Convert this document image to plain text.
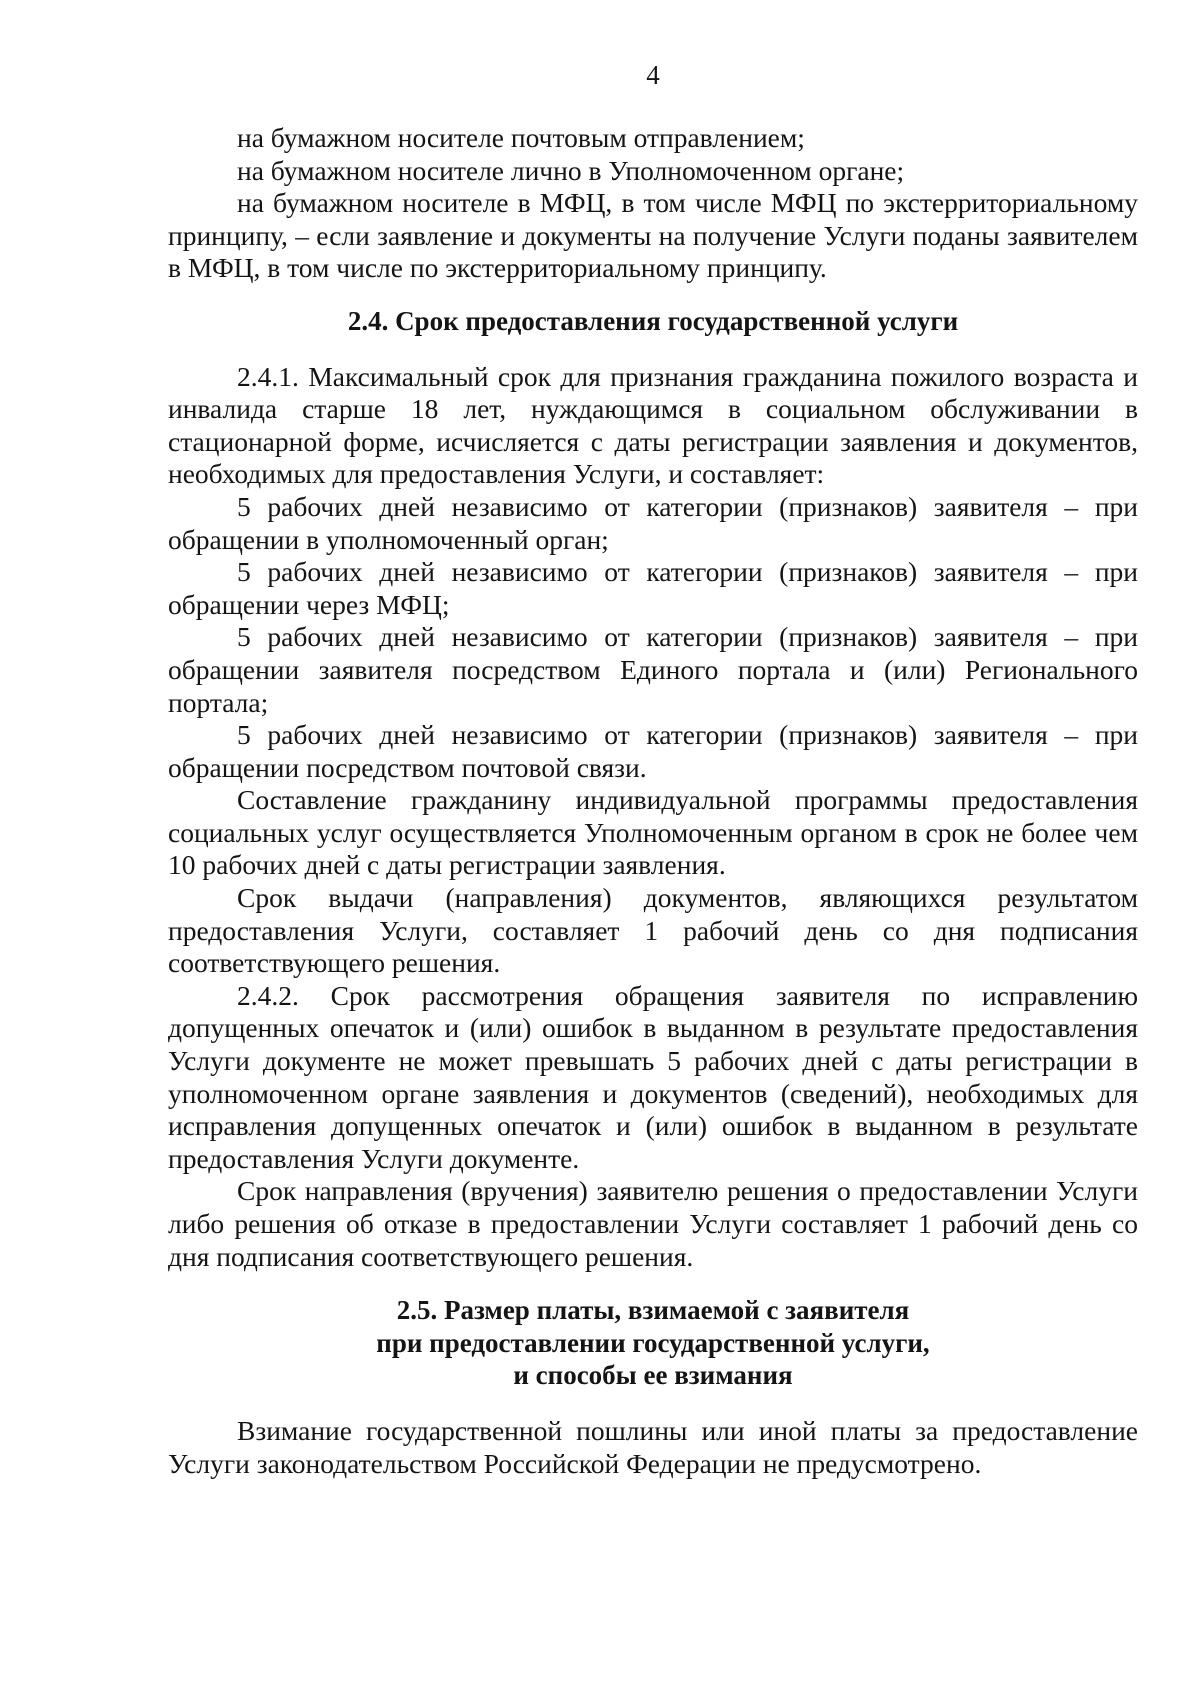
4

на бумажном носителе почтовым отправлением;

на бумажном носителе лично в Уполномоченном органе;

на бумажном носителе в МФЦ, в том числе МФЦ по экстерриториальному принципу, – если заявление и документы на получение Услуги поданы заявителем в МФЦ, в том числе по экстерриториальному принципу.

2.4. Срок предоставления государственной услуги

2.4.1. Максимальный срок для признания гражданина пожилого возраста и инвалида старше 18 лет, нуждающимся в социальном обслуживании в стационарной форме, исчисляется с даты регистрации заявления и документов, необходимых для предоставления Услуги, и составляет:

5 рабочих дней независимо от категории (признаков) заявителя – при обращении в уполномоченный орган;

5 рабочих дней независимо от категории (признаков) заявителя – при обращении через МФЦ;

5 рабочих дней независимо от категории (признаков) заявителя – при обращении заявителя посредством Единого портала и (или) Регионального портала;

5 рабочих дней независимо от категории (признаков) заявителя – при обращении посредством почтовой связи.

Составление гражданину индивидуальной программы предоставления социальных услуг осуществляется Уполномоченным органом в срок не более чем 10 рабочих дней с даты регистрации заявления.

Срок выдачи (направления) документов, являющихся результатом предоставления Услуги, составляет 1 рабочий день со дня подписания соответствующего решения.

2.4.2. Срок рассмотрения обращения заявителя по исправлению допущенных опечаток и (или) ошибок в выданном в результате предоставления Услуги документе не может превышать 5 рабочих дней с даты регистрации в уполномоченном органе заявления и документов (сведений), необходимых для исправления допущенных опечаток и (или) ошибок в выданном в результате предоставления Услуги документе.

Срок направления (вручения) заявителю решения о предоставлении Услуги либо решения об отказе в предоставлении Услуги составляет 1 рабочий день со дня подписания соответствующего решения.

2.5. Размер платы, взимаемой с заявителя
при предоставлении государственной услуги,
и способы ее взимания

Взимание государственной пошлины или иной платы за предоставление Услуги законодательством Российской Федерации не предусмотрено.
